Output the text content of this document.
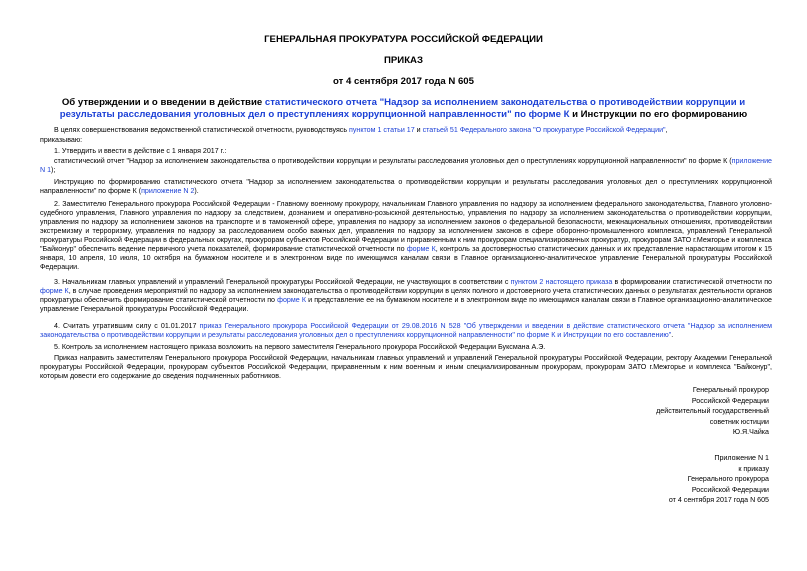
ГЕНЕРАЛЬНАЯ ПРОКУРАТУРА РОССИЙСКОЙ ФЕДЕРАЦИИ
ПРИКАЗ
от 4 сентября 2017 года N 605
Об утверждении и о введении в действие статистического отчета "Надзор за исполнением законодательства о противодействии коррупции и результаты расследования уголовных дел о преступлениях коррупционной направленности" по форме К и Инструкции по его формированию
В целях совершенствования ведомственной статистической отчетности, руководствуясь пунктом 1 статьи 17 и статьей 51 Федерального закона "О прокуратуре Российской Федерации",
приказываю:
1. Утвердить и ввести в действие с 1 января 2017 г.:
статистический отчет "Надзор за исполнением законодательства о противодействии коррупции и результаты расследования уголовных дел о преступлениях коррупционной направленности" по форме К (приложение N 1);
Инструкцию по формированию статистического отчета "Надзор за исполнением законодательства о противодействии коррупции и результаты расследования уголовных дел о преступлениях коррупционной направленности" по форме К (приложение N 2).
2. Заместителю Генерального прокурора Российской Федерации - Главному военному прокурору, начальникам Главного управления по надзору за исполнением федерального законодательства, Главного уголовно-судебного управления, Главного управления по надзору за следствием, дознанием и оперативно-розыскной деятельностью, управления по надзору за исполнением законодательства о противодействии коррупции, управления по надзору за исполнением законов на транспорте и в таможенной сфере, управления по надзору за исполнением законов о федеральной безопасности, межнациональных отношениях, противодействии экстремизму и терроризму, управления по надзору за расследованием особо важных дел, управления по надзору за исполнением законов в сфере оборонно-промышленного комплекса, управлений Генеральной прокуратуры Российской Федерации в федеральных округах, прокурорам субъектов Российской Федерации и приравненным к ним прокурорам специализированных прокуратур, прокурорам ЗАТО г.Межгорье и комплекса "Байконур" обеспечить ведение первичного учета показателей, формирование статистической отчетности по форме К, контроль за достоверностью статистических данных и их представление нарастающим итогом к 15 января, 10 апреля, 10 июля, 10 октября на бумажном носителе и в электронном виде по имеющимся каналам связи в Главное организационно-аналитическое управление Генеральной прокуратуры Российской Федерации.
3. Начальникам главных управлений и управлений Генеральной прокуратуры Российской Федерации, не участвующих в соответствии с пунктом 2 настоящего приказа в формировании статистической отчетности по форме К, в случае проведения мероприятий по надзору за исполнением законодательства о противодействии коррупции в целях полного и достоверного учета статистических данных о результатах деятельности органов прокуратуры обеспечить формирование статистической отчетности по форме К и представление ее на бумажном носителе и в электронном виде по имеющимся каналам связи в Главное организационно-аналитическое управление Генеральной прокуратуры Российской Федерации.
4. Считать утратившим силу с 01.01.2017 приказ Генерального прокурора Российской Федерации от 29.08.2016 N 528 "Об утверждении и введении в действие статистического отчета "Надзор за исполнением законодательства о противодействии коррупции и результаты расследования уголовных дел о преступлениях коррупционной направленности" по форме К и Инструкции по его составлению".
5. Контроль за исполнением настоящего приказа возложить на первого заместителя Генерального прокурора Российской Федерации Буксмана А.Э.
Приказ направить заместителям Генерального прокурора Российской Федерации, начальникам главных управлений и управлений Генеральной прокуратуры Российской Федерации, ректору Академии Генеральной прокуратуры Российской Федерации, прокурорам субъектов Российской Федерации, приравненным к ним военным и иным специализированным прокурорам, прокурорам ЗАТО г.Межгорье и комплекса "Байконур", которым довести его содержание до сведения подчиненных работников.
Генеральный прокурор
Российской Федерации
действительный государственный
советник юстиции
Ю.Я.Чайка
Приложение N 1
к приказу
Генерального прокурора
Российской Федерации
от 4 сентября 2017 года N 605
